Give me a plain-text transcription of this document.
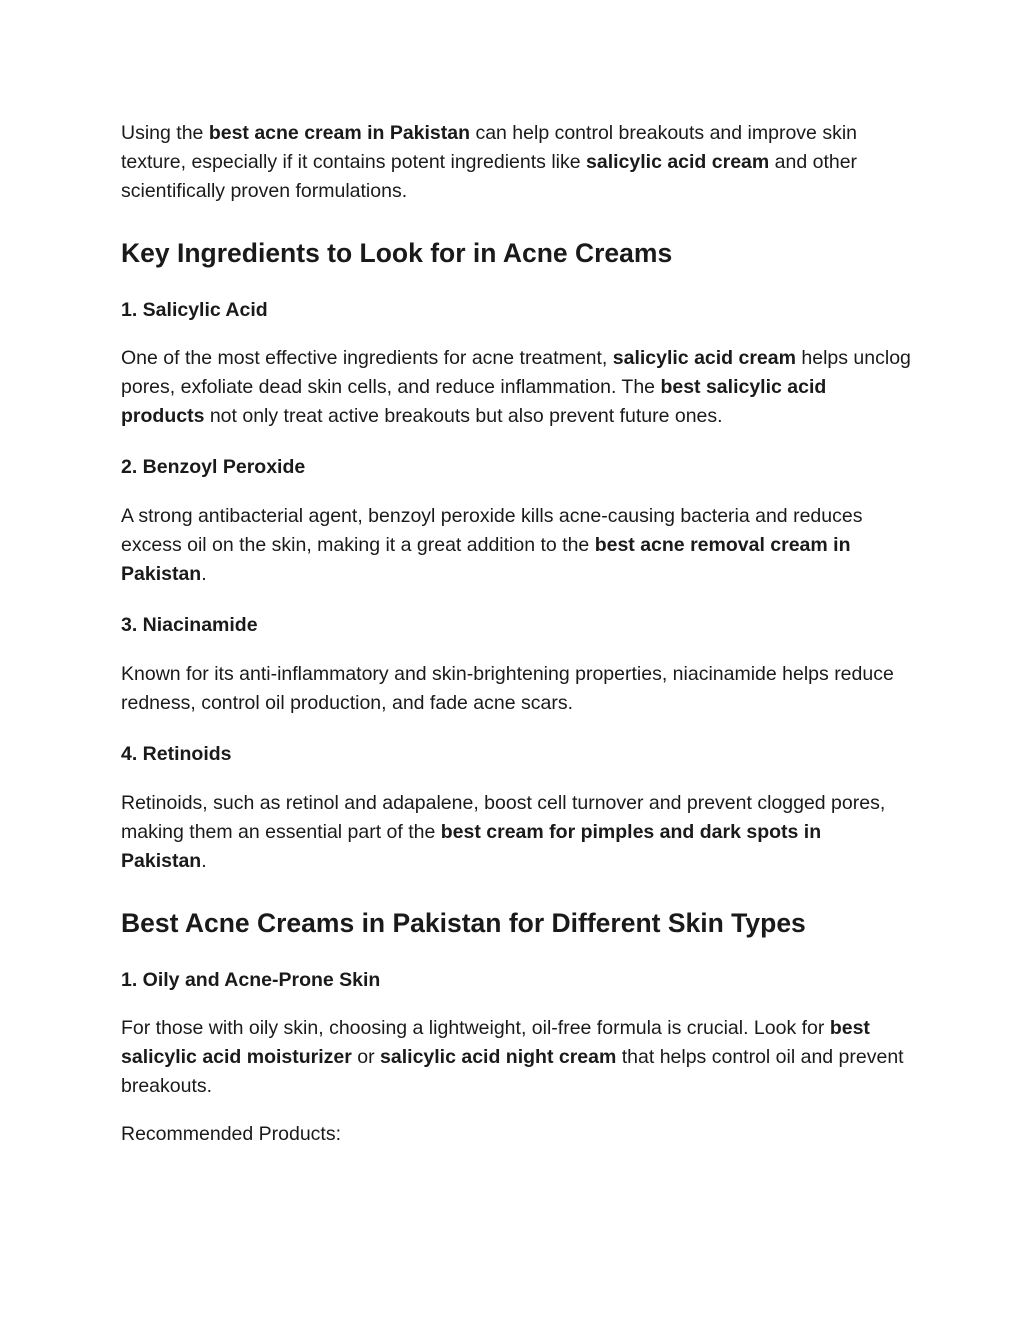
Using the best acne cream in Pakistan can help control breakouts and improve skin texture, especially if it contains potent ingredients like salicylic acid cream and other scientifically proven formulations.

Key Ingredients to Look for in Acne Creams
1. Salicylic Acid

One of the most effective ingredients for acne treatment, salicylic acid cream helps unclog pores, exfoliate dead skin cells, and reduce inflammation. The best salicylic acid products not only treat active breakouts but also prevent future ones.

2. Benzoyl Peroxide

A strong antibacterial agent, benzoyl peroxide kills acne-causing bacteria and reduces excess oil on the skin, making it a great addition to the best acne removal cream in Pakistan.

3. Niacinamide

Known for its anti-inflammatory and skin-brightening properties, niacinamide helps reduce redness, control oil production, and fade acne scars.

4. Retinoids

Retinoids, such as retinol and adapalene, boost cell turnover and prevent clogged pores, making them an essential part of the best cream for pimples and dark spots in Pakistan.

Best Acne Creams in Pakistan for Different Skin Types
1. Oily and Acne-Prone Skin

For those with oily skin, choosing a lightweight, oil-free formula is crucial. Look for best salicylic acid moisturizer or salicylic acid night cream that helps control oil and prevent breakouts.

Recommended Products:
